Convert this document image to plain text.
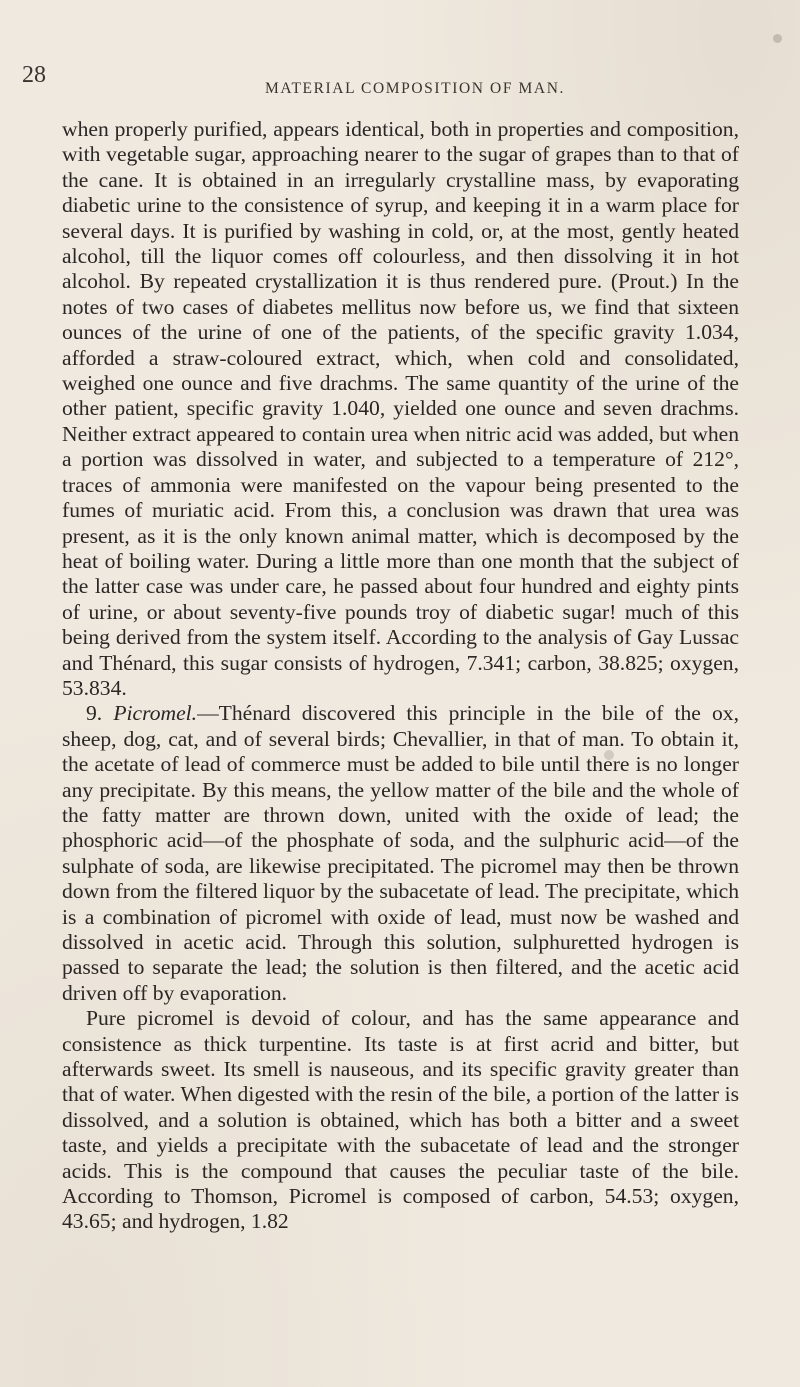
28
MATERIAL COMPOSITION OF MAN.

when properly purified, appears identical, both in properties and composition, with vegetable sugar, approaching nearer to the sugar of grapes than to that of the cane. It is obtained in an irregularly crystalline mass, by evaporating diabetic urine to the consistence of syrup, and keeping it in a warm place for several days. It is purified by washing in cold, or, at the most, gently heated alcohol, till the liquor comes off colourless, and then dissolving it in hot alcohol. By repeated crystallization it is thus rendered pure. (Prout.) In the notes of two cases of diabetes mellitus now before us, we find that sixteen ounces of the urine of one of the patients, of the specific gravity 1.034, afforded a straw-coloured extract, which, when cold and consolidated, weighed one ounce and five drachms. The same quantity of the urine of the other patient, specific gravity 1.040, yielded one ounce and seven drachms. Neither extract appeared to contain urea when nitric acid was added, but when a portion was dissolved in water, and subjected to a temperature of 212°, traces of ammonia were manifested on the vapour being presented to the fumes of muriatic acid. From this, a conclusion was drawn that urea was present, as it is the only known animal matter, which is decomposed by the heat of boiling water. During a little more than one month that the subject of the latter case was under care, he passed about four hundred and eighty pints of urine, or about seventy-five pounds troy of diabetic sugar! much of this being derived from the system itself. According to the analysis of Gay Lussac and Thénard, this sugar consists of hydrogen, 7.341; carbon, 38.825; oxygen, 53.834.

9. Picromel.—Thénard discovered this principle in the bile of the ox, sheep, dog, cat, and of several birds; Chevallier, in that of man. To obtain it, the acetate of lead of commerce must be added to bile until there is no longer any precipitate. By this means, the yellow matter of the bile and the whole of the fatty matter are thrown down, united with the oxide of lead; the phosphoric acid—of the phosphate of soda, and the sulphuric acid—of the sulphate of soda, are likewise precipitated. The picromel may then be thrown down from the filtered liquor by the subacetate of lead. The precipitate, which is a combination of picromel with oxide of lead, must now be washed and dissolved in acetic acid. Through this solution, sulphuretted hydrogen is passed to separate the lead; the solution is then filtered, and the acetic acid driven off by evaporation.

Pure picromel is devoid of colour, and has the same appearance and consistence as thick turpentine. Its taste is at first acrid and bitter, but afterwards sweet. Its smell is nauseous, and its specific gravity greater than that of water. When digested with the resin of the bile, a portion of the latter is dissolved, and a solution is obtained, which has both a bitter and a sweet taste, and yields a precipitate with the subacetate of lead and the stronger acids. This is the compound that causes the peculiar taste of the bile. According to Thomson, Picromel is composed of carbon, 54.53; oxygen, 43.65; and hydrogen, 1.82
